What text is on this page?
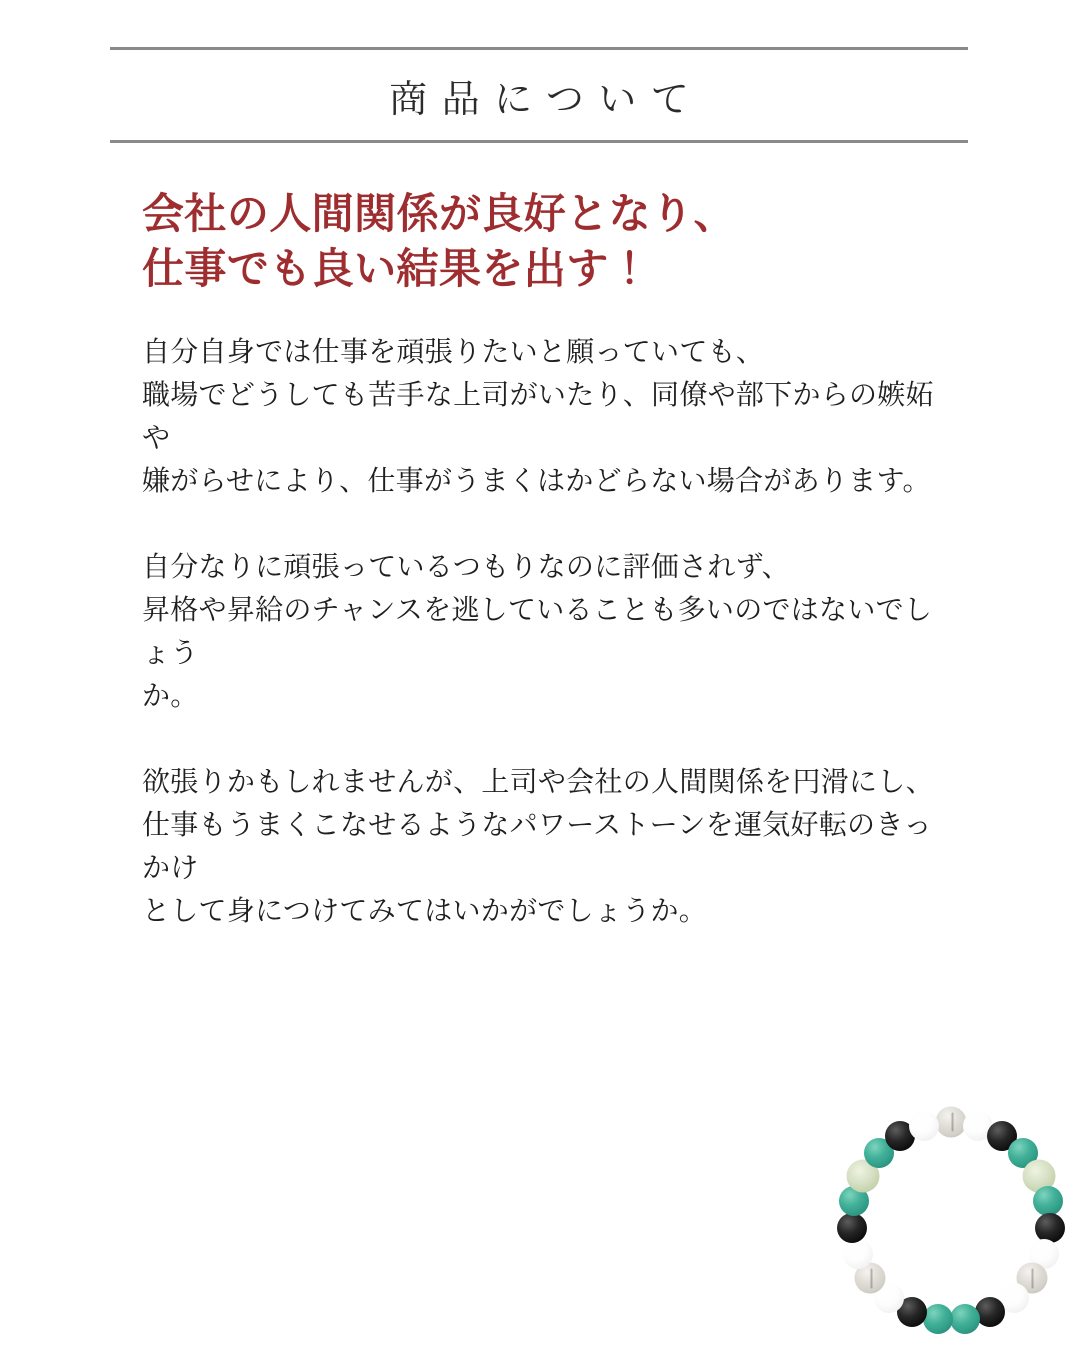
商品について
会社の人間関係が良好となり、
仕事でも良い結果を出す！

自分自身では仕事を頑張りたいと願っていても、
職場でどうしても苦手な上司がいたり、同僚や部下からの嫉妬や
嫌がらせにより、仕事がうまくはかどらない場合があります。

自分なりに頑張っているつもりなのに評価されず、
昇格や昇給のチャンスを逃していることも多いのではないでしょう
か。

欲張りかもしれませんが、上司や会社の人間関係を円滑にし、
仕事もうまくこなせるようなパワーストーンを運気好転のきっかけ
として身につけてみてはいかがでしょうか。
